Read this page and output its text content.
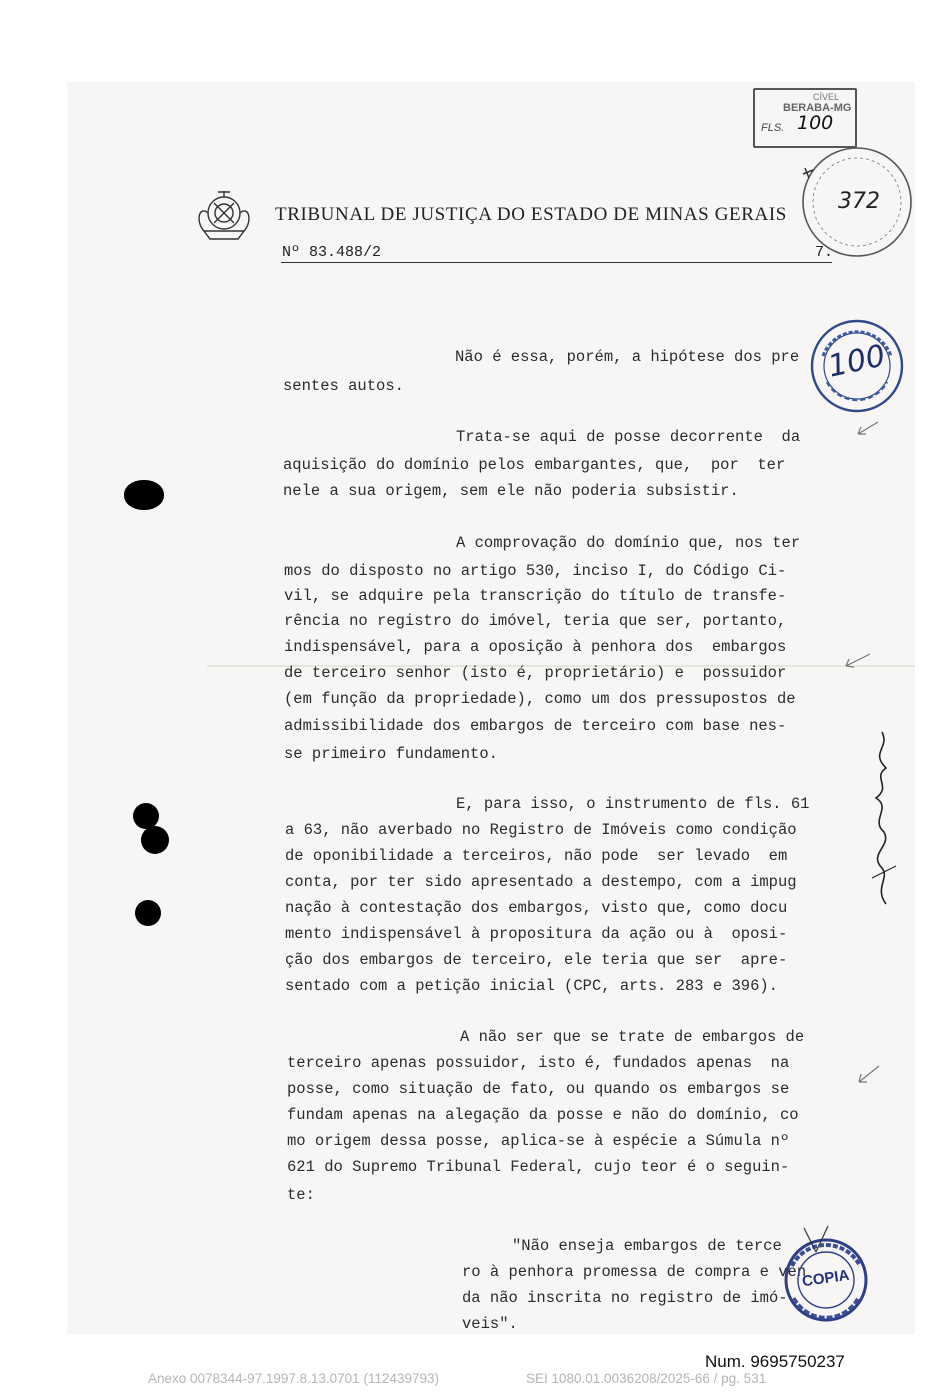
TRIBUNAL DE JUSTIÇA DO ESTADO DE MINAS GERAIS
Nº 83.488/2	7.
CÍVEL
BERABA-MG
FLS. 100
372
100
Não é essa, porém, a hipótese dos pre
sentes autos.
Trata-se aqui de posse decorrente  da
aquisição do domínio pelos embargantes, que,  por  ter
nele a sua origem, sem ele não poderia subsistir.
A comprovação do domínio que, nos ter
mos do disposto no artigo 530, inciso I, do Código Ci-
vil, se adquire pela transcrição do título de transfe-
rência no registro do imóvel, teria que ser, portanto,
indispensável, para a oposição à penhora dos  embargos
de terceiro senhor (isto é, proprietário) e  possuidor
(em função da propriedade), como um dos pressupostos de
admissibilidade dos embargos de terceiro com base nes-
se primeiro fundamento.
E, para isso, o instrumento de fls. 61
a 63, não averbado no Registro de Imóveis como condição
de oponibilidade a terceiros, não pode  ser levado  em
conta, por ter sido apresentado a destempo, com a impug
nação à contestação dos embargos, visto que, como docu
mento indispensável à propositura da ação ou à  oposi-
ção dos embargos de terceiro, ele teria que ser  apre-
sentado com a petição inicial (CPC, arts. 283 e 396).
A não ser que se trate de embargos de
terceiro apenas possuidor, isto é, fundados apenas  na
posse, como situação de fato, ou quando os embargos se
fundam apenas na alegação da posse e não do domínio, co
mo origem dessa posse, aplica-se à espécie a Súmula nº
621 do Supremo Tribunal Federal, cujo teor é o seguin-
te:
"Não enseja embargos de terce
ro à penhora promessa de compra e ven
da não inscrita no registro de imó-
veis".
COPIA
Num. 9695750237
Anexo 0078344-97.1997.8.13.0701 (112439793)	SEI 1080.01.0036208/2025-66 / pg. 531
